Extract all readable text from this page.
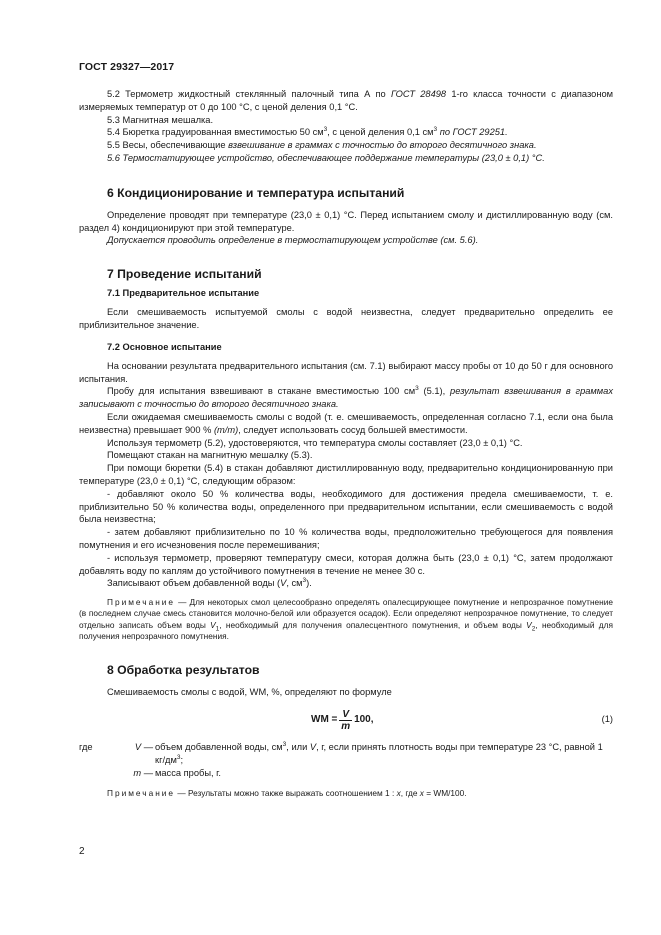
ГОСТ 29327—2017

5.2 Термометр жидкостный стеклянный палочный типа А по ГОСТ 28498 1-го класса точности с диапазоном измеряемых температур от 0 до 100 °С, с ценой деления 0,1 °С.

5.3 Магнитная мешалка.

5.4 Бюретка градуированная вместимостью 50 $см^3$, с ценой деления 0,1 $см^3$ по ГОСТ 29251.

5.5 Весы, обеспечивающие взвешивание в граммах с точностью до второго десятичного знака.

5.6 Термостатирующее устройство, обеспечивающее поддержание температуры (23,0 ± 0,1) °С.

6 Кондиционирование и температура испытаний

Определение проводят при температуре (23,0 ± 0,1) °С. Перед испытанием смолу и дистиллированную воду (см. раздел 4) кондиционируют при этой температуре.

Допускается проводить определение в термостатирующем устройстве (см. 5.6).

7 Проведение испытаний
7.1 Предварительное испытание

Если смешиваемость испытуемой смолы с водой неизвестна, следует предварительно определить ее приблизительное значение.

7.2 Основное испытание

На основании результата предварительного испытания (см. 7.1) выбирают массу пробы от 10 до 50 г для основного испытания.

Пробу для испытания взвешивают в стакане вместимостью 100 $см^3$ (5.1), результат взвешивания в граммах записывают с точностью до второго десятичного знака.

Если ожидаемая смешиваемость смолы с водой (т. е. смешиваемость, определенная согласно 7.1, если она была неизвестна) превышает 900 % (m/m), следует использовать сосуд большей вместимости.

Используя термометр (5.2), удостоверяются, что температура смолы составляет (23,0 ± 0,1) °С.

Помещают стакан на магнитную мешалку (5.3).

При помощи бюретки (5.4) в стакан добавляют дистиллированную воду, предварительно кондиционированную при температуре (23,0 ± 0,1) °С, следующим образом:

- добавляют около 50 % количества воды, необходимого для достижения предела смешиваемости, т. е. приблизительно 50 % количества воды, определенного при предварительном испытании, если смешиваемость с водой была неизвестна;

- затем добавляют приблизительно по 10 % количества воды, предположительно требующегося для появления помутнения и его исчезновения после перемешивания;

- используя термометр, проверяют температуру смеси, которая должна быть (23,0 ± 0,1) °С, затем продолжают добавлять воду по каплям до устойчивого помутнения в течение не менее 30 с.

Записывают объем добавленной воды (V, $см^3$).

Примечание — Для некоторых смол целесообразно определять опалесцирующее помутнение и непрозрачное помутнение (в последнем случае смесь становится молочно-белой или образуется осадок). Если определяют непрозрачное помутнение, то следует отдельно записать объем воды $V_1$, необходимый для получения опалесцентного помутнения, и объем воды $V_2$, необходимый для получения непрозрачного помутнения.

8 Обработка результатов

Смешиваемость смолы с водой, WM, %, определяют по формуле

WM = $\frac{V}{m} 100$,	(1)
где	V — объем добавленной воды, $см^3$, или V, г, если принять плотность воды при температуре 23 °С, равной 1 $кг/дм^3$;
m — масса пробы, г.

Примечание — Результаты можно также выражать соотношением 1 : x, где x = WM/100.

2
